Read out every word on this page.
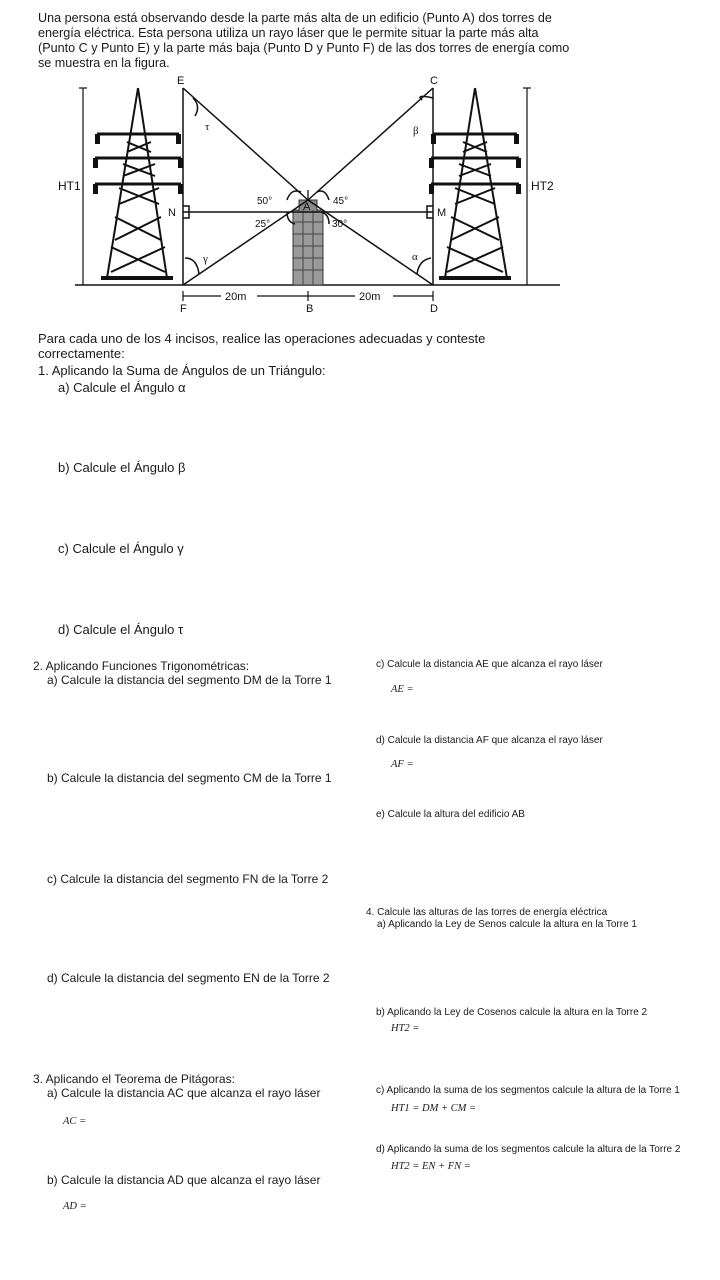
Una persona está observando desde la parte más alta de un edificio (Punto A) dos torres de energía eléctrica. Esta persona utiliza un rayo láser que le permite situar la parte más alta (Punto C y Punto E) y la parte más baja (Punto D y Punto F) de las dos torres de energía como se muestra en la figura.

E	C
A
N	M
F	B	D
HT1	HT2
τ	β
γ	α
50°
25°
45°
30°
20m	20m

Para cada uno de los 4 incisos, realice las operaciones adecuadas y conteste correctamente:

1. Aplicando la Suma de Ángulos de un Triángulo:

a) Calcule el Ángulo α

b) Calcule el Ángulo β

c) Calcule el Ángulo γ

d) Calcule el Ángulo τ

2. Aplicando Funciones Trigonométricas:

a) Calcule la distancia del segmento DM de la Torre 1

b) Calcule la distancia del segmento CM de la Torre 1

c) Calcule la distancia del segmento FN de la Torre 2

d) Calcule la distancia del segmento EN de la Torre 2

3. Aplicando el Teorema de Pitágoras:

a) Calcule la distancia AC que alcanza el rayo láser

AC =

b) Calcule la distancia AD que alcanza el rayo láser

AD =

c) Calcule la distancia AE que alcanza el rayo láser

AE =

d) Calcule la distancia AF que alcanza el rayo láser

AF =

e) Calcule la altura del edificio AB

4. Calcule las alturas de las torres de energía eléctrica

a) Aplicando la Ley de Senos calcule la altura en la Torre 1

b) Aplicando la Ley de Cosenos calcule la altura en la Torre 2

HT2 =

c) Aplicando la suma de los segmentos calcule la altura de la Torre 1

HT1 = DM + CM =

d) Aplicando la suma de los segmentos calcule la altura de la Torre 2

HT2 = EN + FN =
